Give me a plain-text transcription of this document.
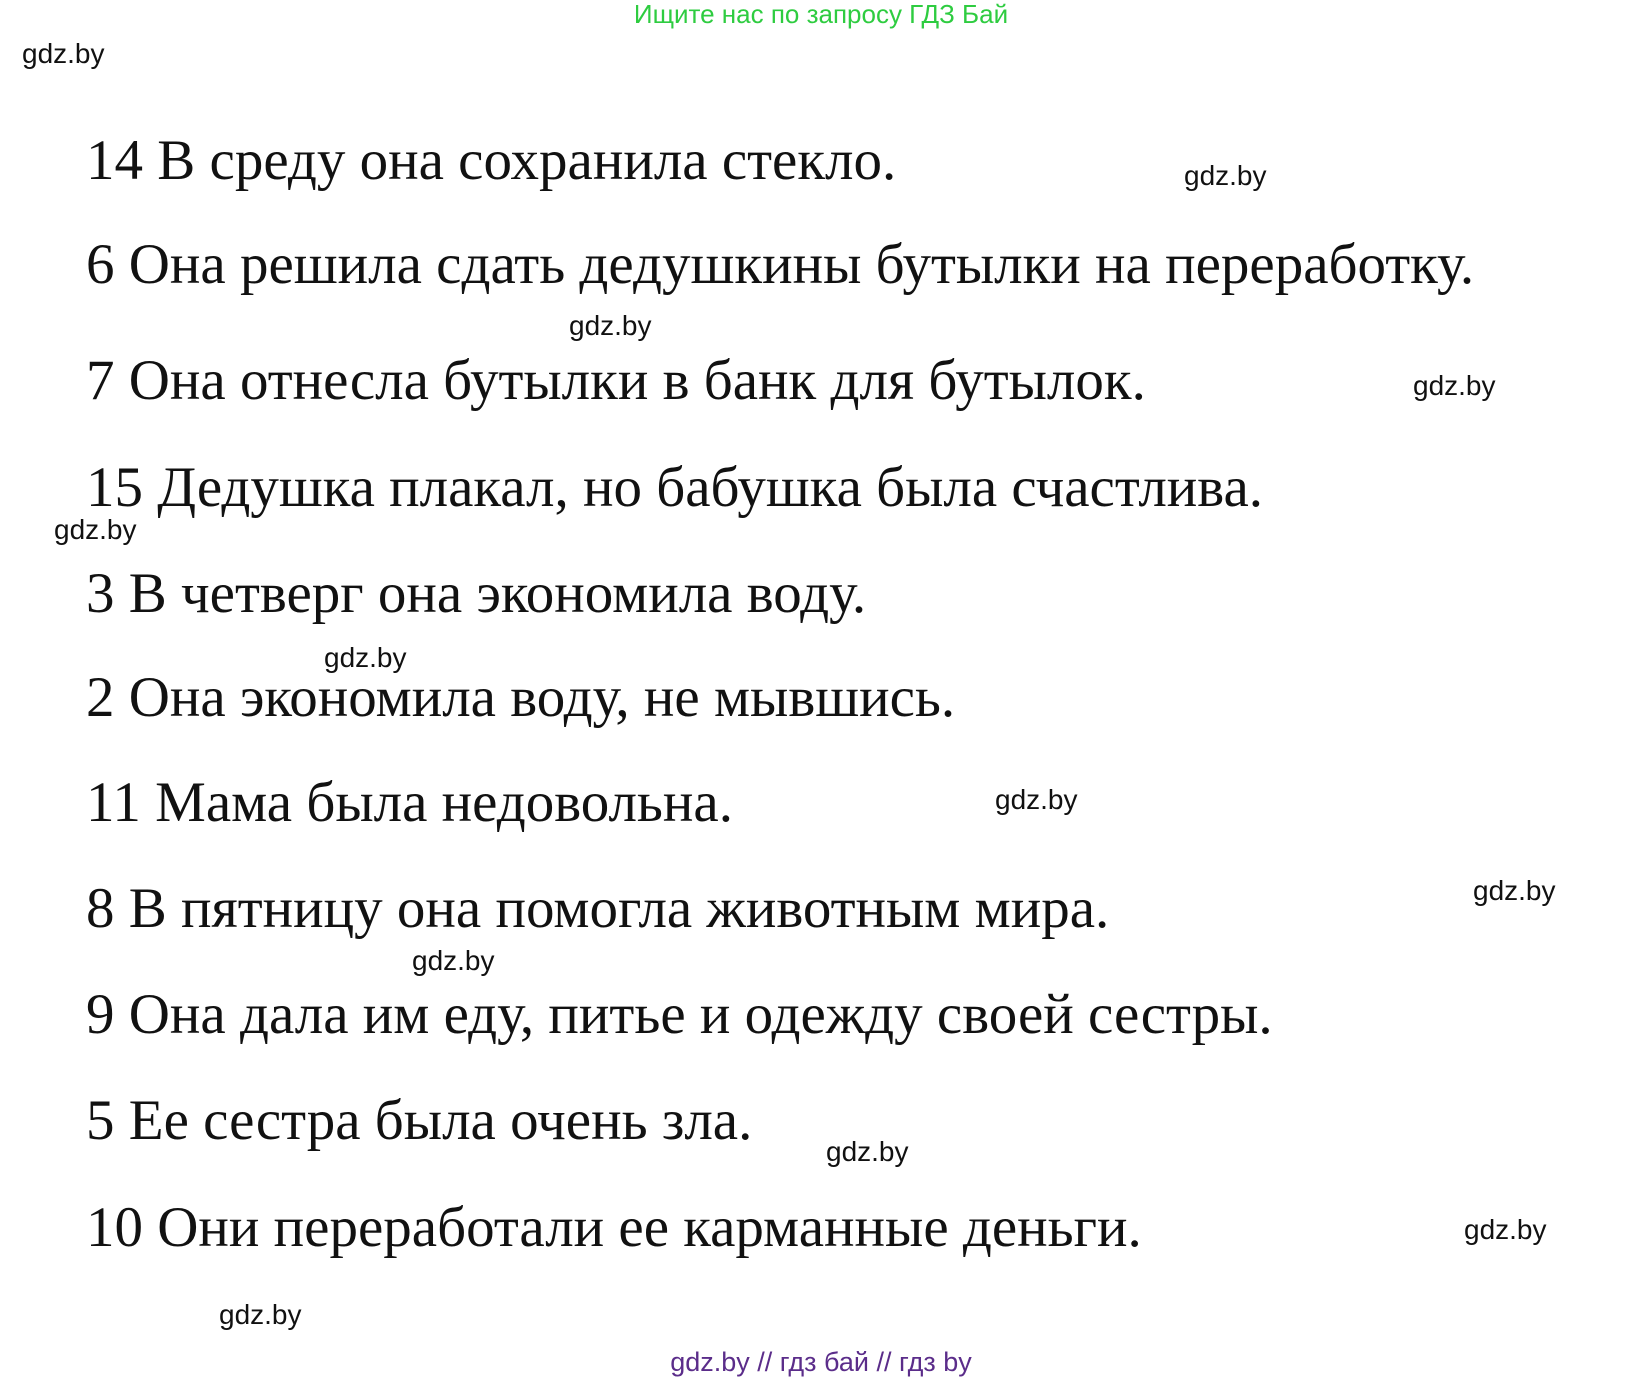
Ищите нас по запросу ГДЗ Бай
gdz.by
14 В среду она сохранила стекло.	gdz.by
6 Она решила сдать дедушкины бутылки на переработку.
gdz.by
7 Она отнесла бутылки в банк для бутылок.	gdz.by
15 Дедушка плакал, но бабушка была счастлива.
gdz.by
3 В четверг она экономила воду.
gdz.by
2 Она экономила воду, не мывшись.
gdz.by
11 Мама была недовольна.
gdz.by
8 В пятницу она помогла животным мира.
gdz.by
9 Она дала им еду, питье и одежду своей сестры.
5 Ее сестра была очень зла.	gdz.by
10 Они переработали ее карманные деньги.	gdz.by
gdz.by
gdz.by // гдз бай // гдз by
